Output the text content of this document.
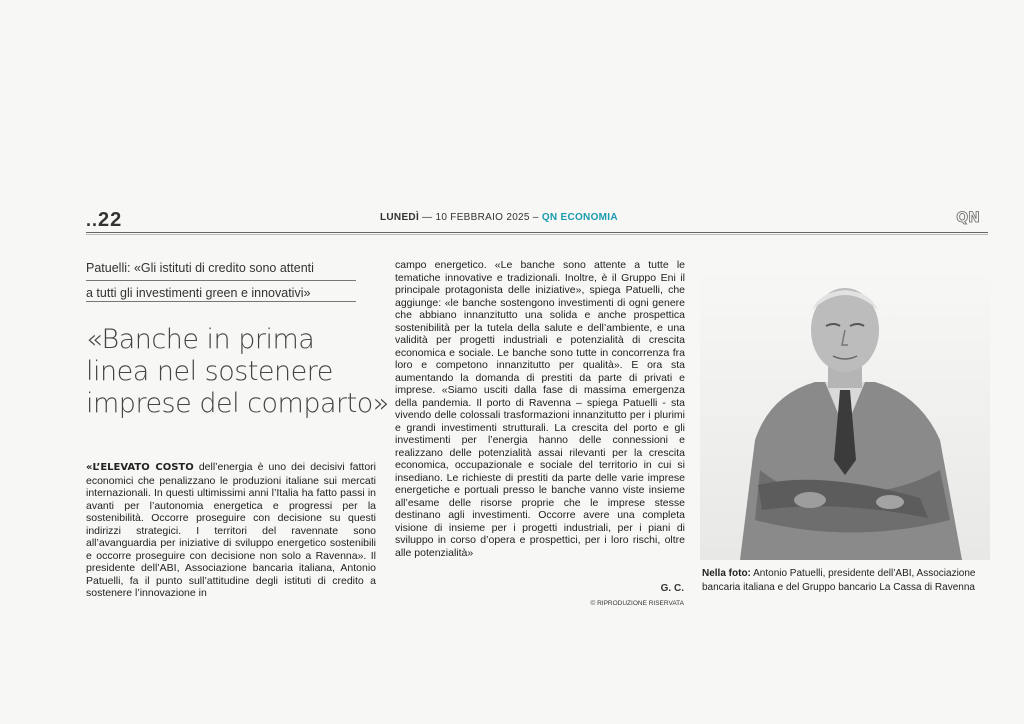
..22	LUNEDÌ — 10 FEBBRAIO 2025 – QN ECONOMIA	QN
Patuelli: «Gli istituti di credito sono attenti
a tutti gli investimenti green e innovativi»
«Banche in prima
linea nel sostenere
imprese del comparto»
«L’ELEVATO COSTO dell’energia è uno dei decisivi fattori economici che penalizzano le produzioni italiane sui mercati internazionali. In questi ultimissimi anni l’Italia ha fatto passi in avanti per l’autonomia energetica e progressi per la sostenibilità. Occorre proseguire con decisione su questi indirizzi strategici. I territori del ravennate sono all’avanguardia per iniziative di sviluppo energetico sostenibili e occorre proseguire con decisione non solo a Ravenna». Il presidente dell’ABI, Associazione bancaria italiana, Antonio Patuelli, fa il punto sull’attitudine degli istituti di credito a sostenere l’innovazione in
campo energetico. «Le banche sono attente a tutte le tematiche innovative e tradizionali. Inoltre, è il Gruppo Eni il principale protagonista delle iniziative», spiega Patuelli, che aggiunge: «le banche sostengono investimenti di ogni genere che abbiano innanzitutto una solida e anche prospettica sostenibilità per la tutela della salute e dell’ambiente, e una validità per progetti industriali e potenzialità di crescita economica e sociale. Le banche sono tutte in concorrenza fra loro e competono innanzitutto per qualità». E ora sta aumentando la domanda di prestiti da parte di privati e imprese. «Siamo usciti dalla fase di massima emergenza della pandemia. Il porto di Ravenna – spiega Patuelli - sta vivendo delle colossali trasformazioni innanzitutto per i plurimi e grandi investimenti strutturali. La crescita del porto e gli investimenti per l’energia hanno delle connessioni e realizzano delle potenzialità assai rilevanti per la crescita economica, occupazionale e sociale del territorio in cui si insediano. Le richieste di prestiti da parte delle varie imprese energetiche e portuali presso le banche vanno viste insieme all’esame delle risorse proprie che le imprese stesse destinano agli investimenti. Occorre avere una completa visione di insieme per i progetti industriali, per i piani di sviluppo in corso d’opera e prospettici, per i loro rischi, oltre alle potenzialità»
G. C.
© RIPRODUZIONE RISERVATA
Nella foto: Antonio Patuelli, presidente dell’ABI, Associazione bancaria italiana e del Gruppo bancario La Cassa di Ravenna
